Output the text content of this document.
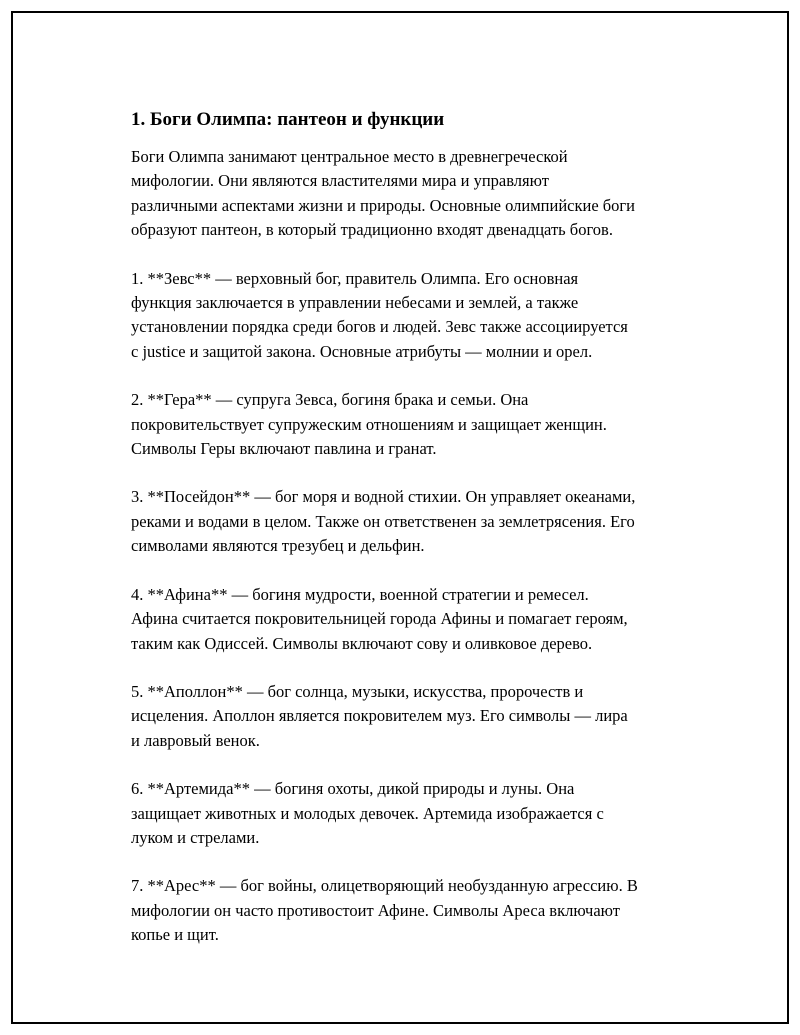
1. Боги Олимпа: пантеон и функции

Боги Олимпа занимают центральное место в древнегреческой
мифологии. Они являются властителями мира и управляют
различными аспектами жизни и природы. Основные олимпийские боги
образуют пантеон, в который традиционно входят двенадцать богов.

1. **Зевс** — верховный бог, правитель Олимпа. Его основная
функция заключается в управлении небесами и землей, а также
установлении порядка среди богов и людей. Зевс также ассоциируется
с justice и защитой закона. Основные атрибуты — молнии и орел.

2. **Гера** — супруга Зевса, богиня брака и семьи. Она
покровительствует супружеским отношениям и защищает женщин.
Символы Геры включают павлина и гранат.

3. **Посейдон** — бог моря и водной стихии. Он управляет океанами,
реками и водами в целом. Также он ответственен за землетрясения. Его
символами являются трезубец и дельфин.

4. **Афина** — богиня мудрости, военной стратегии и ремесел.
Афина считается покровительницей города Афины и помагает героям,
таким как Одиссей. Символы включают сову и оливковое дерево.

5. **Аполлон** — бог солнца, музыки, искусства, пророчеств и
исцеления. Аполлон является покровителем муз. Его символы — лира
и лавровый венок.

6. **Артемида** — богиня охоты, дикой природы и луны. Она
защищает животных и молодых девочек. Артемида изображается с
луком и стрелами.

7. **Арес** — бог войны, олицетворяющий необузданную агрессию. В
мифологии он часто противостоит Афине. Символы Ареса включают
копье и щит.
